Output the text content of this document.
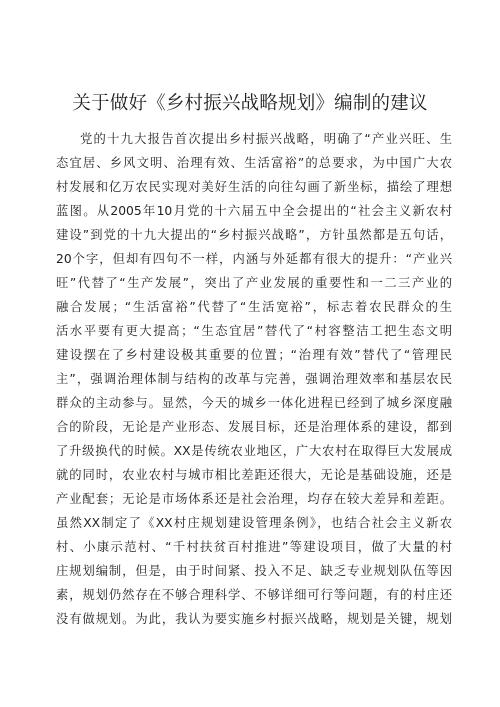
关于做好《乡村振兴战略规划》编制的建议
党的十九大报告首次提出乡村振兴战略，明确了“产业兴旺、生
态宜居、乡风文明、治理有效、生活富裕”的总要求，为中国广大农
村发展和亿万农民实现对美好生活的向往勾画了新坐标，描绘了理想
蓝图。从2005年10月党的十六届五中全会提出的“社会主义新农村
建设”到党的十九大提出的“乡村振兴战略”，方针虽然都是五句话，
20个字，但却有四句不一样，内涵与外延都有很大的提升：“产业兴
旺”代替了“生产发展”，突出了产业发展的重要性和一二三产业的
融合发展；“生活富裕”代替了“生活宽裕”，标志着农民群众的生
活水平要有更大提高；“生态宜居”替代了“村容整洁工把生态文明
建设摆在了乡村建设极其重要的位置；“治理有效”替代了“管理民
主”，强调治理体制与结构的改革与完善，强调治理效率和基层农民
群众的主动参与。显然，今天的城乡一体化进程已经到了城乡深度融
合的阶段，无论是产业形态、发展目标，还是治理体系的建设，都到
了升级换代的时候。XX是传统农业地区，广大农村在取得巨大发展成
就的同时，农业农村与城市相比差距还很大，无论是基础设施，还是
产业配套；无论是市场体系还是社会治理，均存在较大差异和差距。
虽然XX制定了《XX村庄规划建设管理条例》，也结合社会主义新农
村、小康示范村、“千村扶贫百村推进”等建设项目，做了大量的村
庄规划编制，但是，由于时间紧、投入不足、缺乏专业规划队伍等因
素，规划仍然存在不够合理科学、不够详细可行等问题，有的村庄还
没有做规划。为此，我认为要实施乡村振兴战略，规划是关键，规划
